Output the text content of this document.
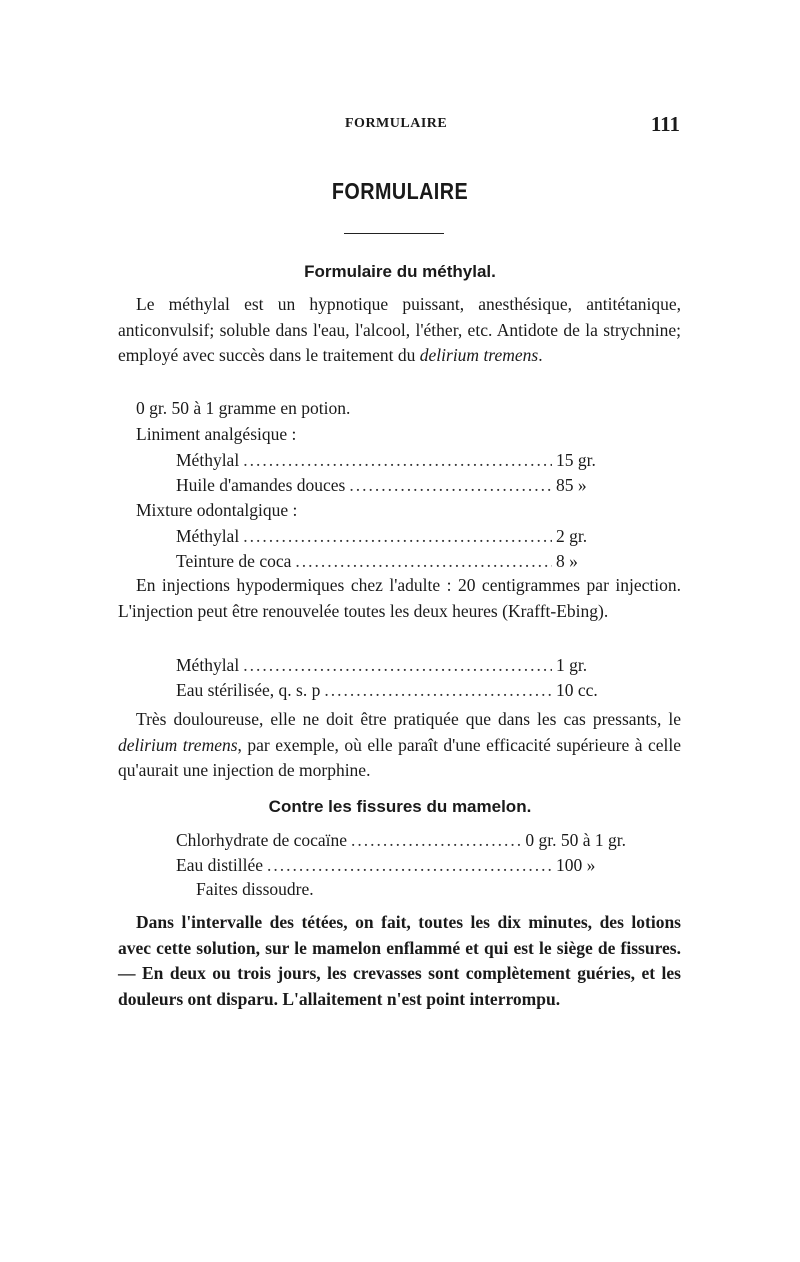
FORMULAIRE	111
FORMULAIRE
Formulaire du méthylal.

Le méthylal est un hypnotique puissant, anesthésique, antitétanique, anticonvulsif; soluble dans l'eau, l'alcool, l'éther, etc. Antidote de la strychnine; employé avec succès dans le traitement du delirium tremens.

0 gr. 50 à 1 gramme en potion.
Liniment analgésique :
Méthylal .....	15 gr.
Huile d'amandes douces .....	85 »
Mixture odontalgique :
Méthylal .....	2 gr.
Teinture de coca .....	8 »

En injections hypodermiques chez l'adulte : 20 centigrammes par injection. L'injection peut être renouvelée toutes les deux heures (Krafft-Ebing).

Méthylal .....	1 gr.
Eau stérilisée, q. s. p .....	10 cc.

Très douloureuse, elle ne doit être pratiquée que dans les cas pressants, le delirium tremens, par exemple, où elle paraît d'une efficacité supérieure à celle qu'aurait une injection de morphine.

Contre les fissures du mamelon.
Chlorhydrate de cocaïne .....	0 gr. 50 à 1 gr.
Eau distillée .....	100 »
Faites dissoudre.

Dans l'intervalle des tétées, on fait, toutes les dix minutes, des lotions avec cette solution, sur le mamelon enflammé et qui est le siège de fissures. — En deux ou trois jours, les crevasses sont complètement guéries, et les douleurs ont disparu. L'allaitement n'est point interrompu.
